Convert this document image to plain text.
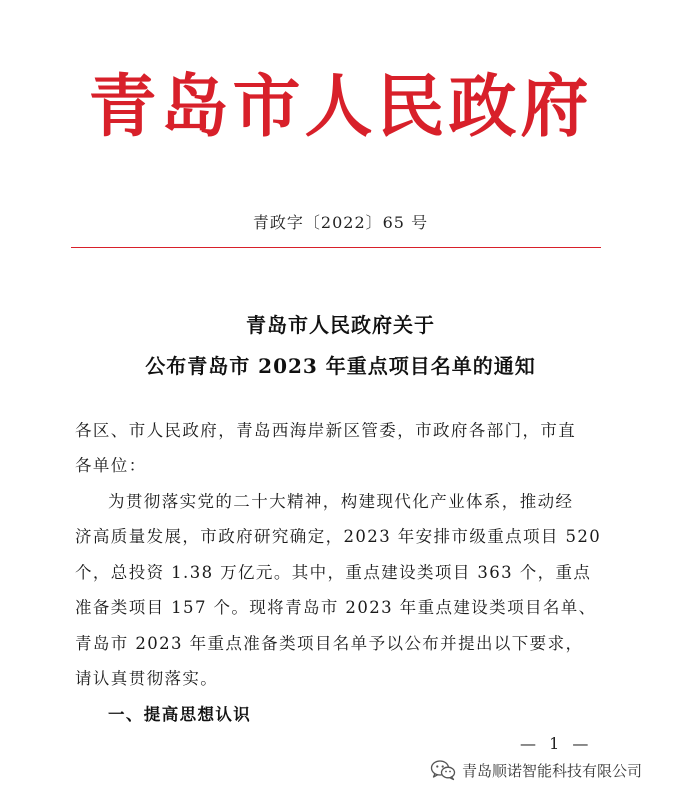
青岛市人民政府
青政字〔2022〕65 号
青岛市人民政府关于
公布青岛市 2023 年重点项目名单的通知
各区、市人民政府，青岛西海岸新区管委，市政府各部门，市直
各单位：
为贯彻落实党的二十大精神，构建现代化产业体系，推动经
济高质量发展，市政府研究确定，2023 年安排市级重点项目 520
个，总投资 1.38 万亿元。其中，重点建设类项目 363 个，重点
准备类项目 157 个。现将青岛市 2023 年重点建设类项目名单、
青岛市 2023 年重点准备类项目名单予以公布并提出以下要求，
请认真贯彻落实。
一、提高思想认识
— 1 —
青岛顺诺智能科技有限公司
